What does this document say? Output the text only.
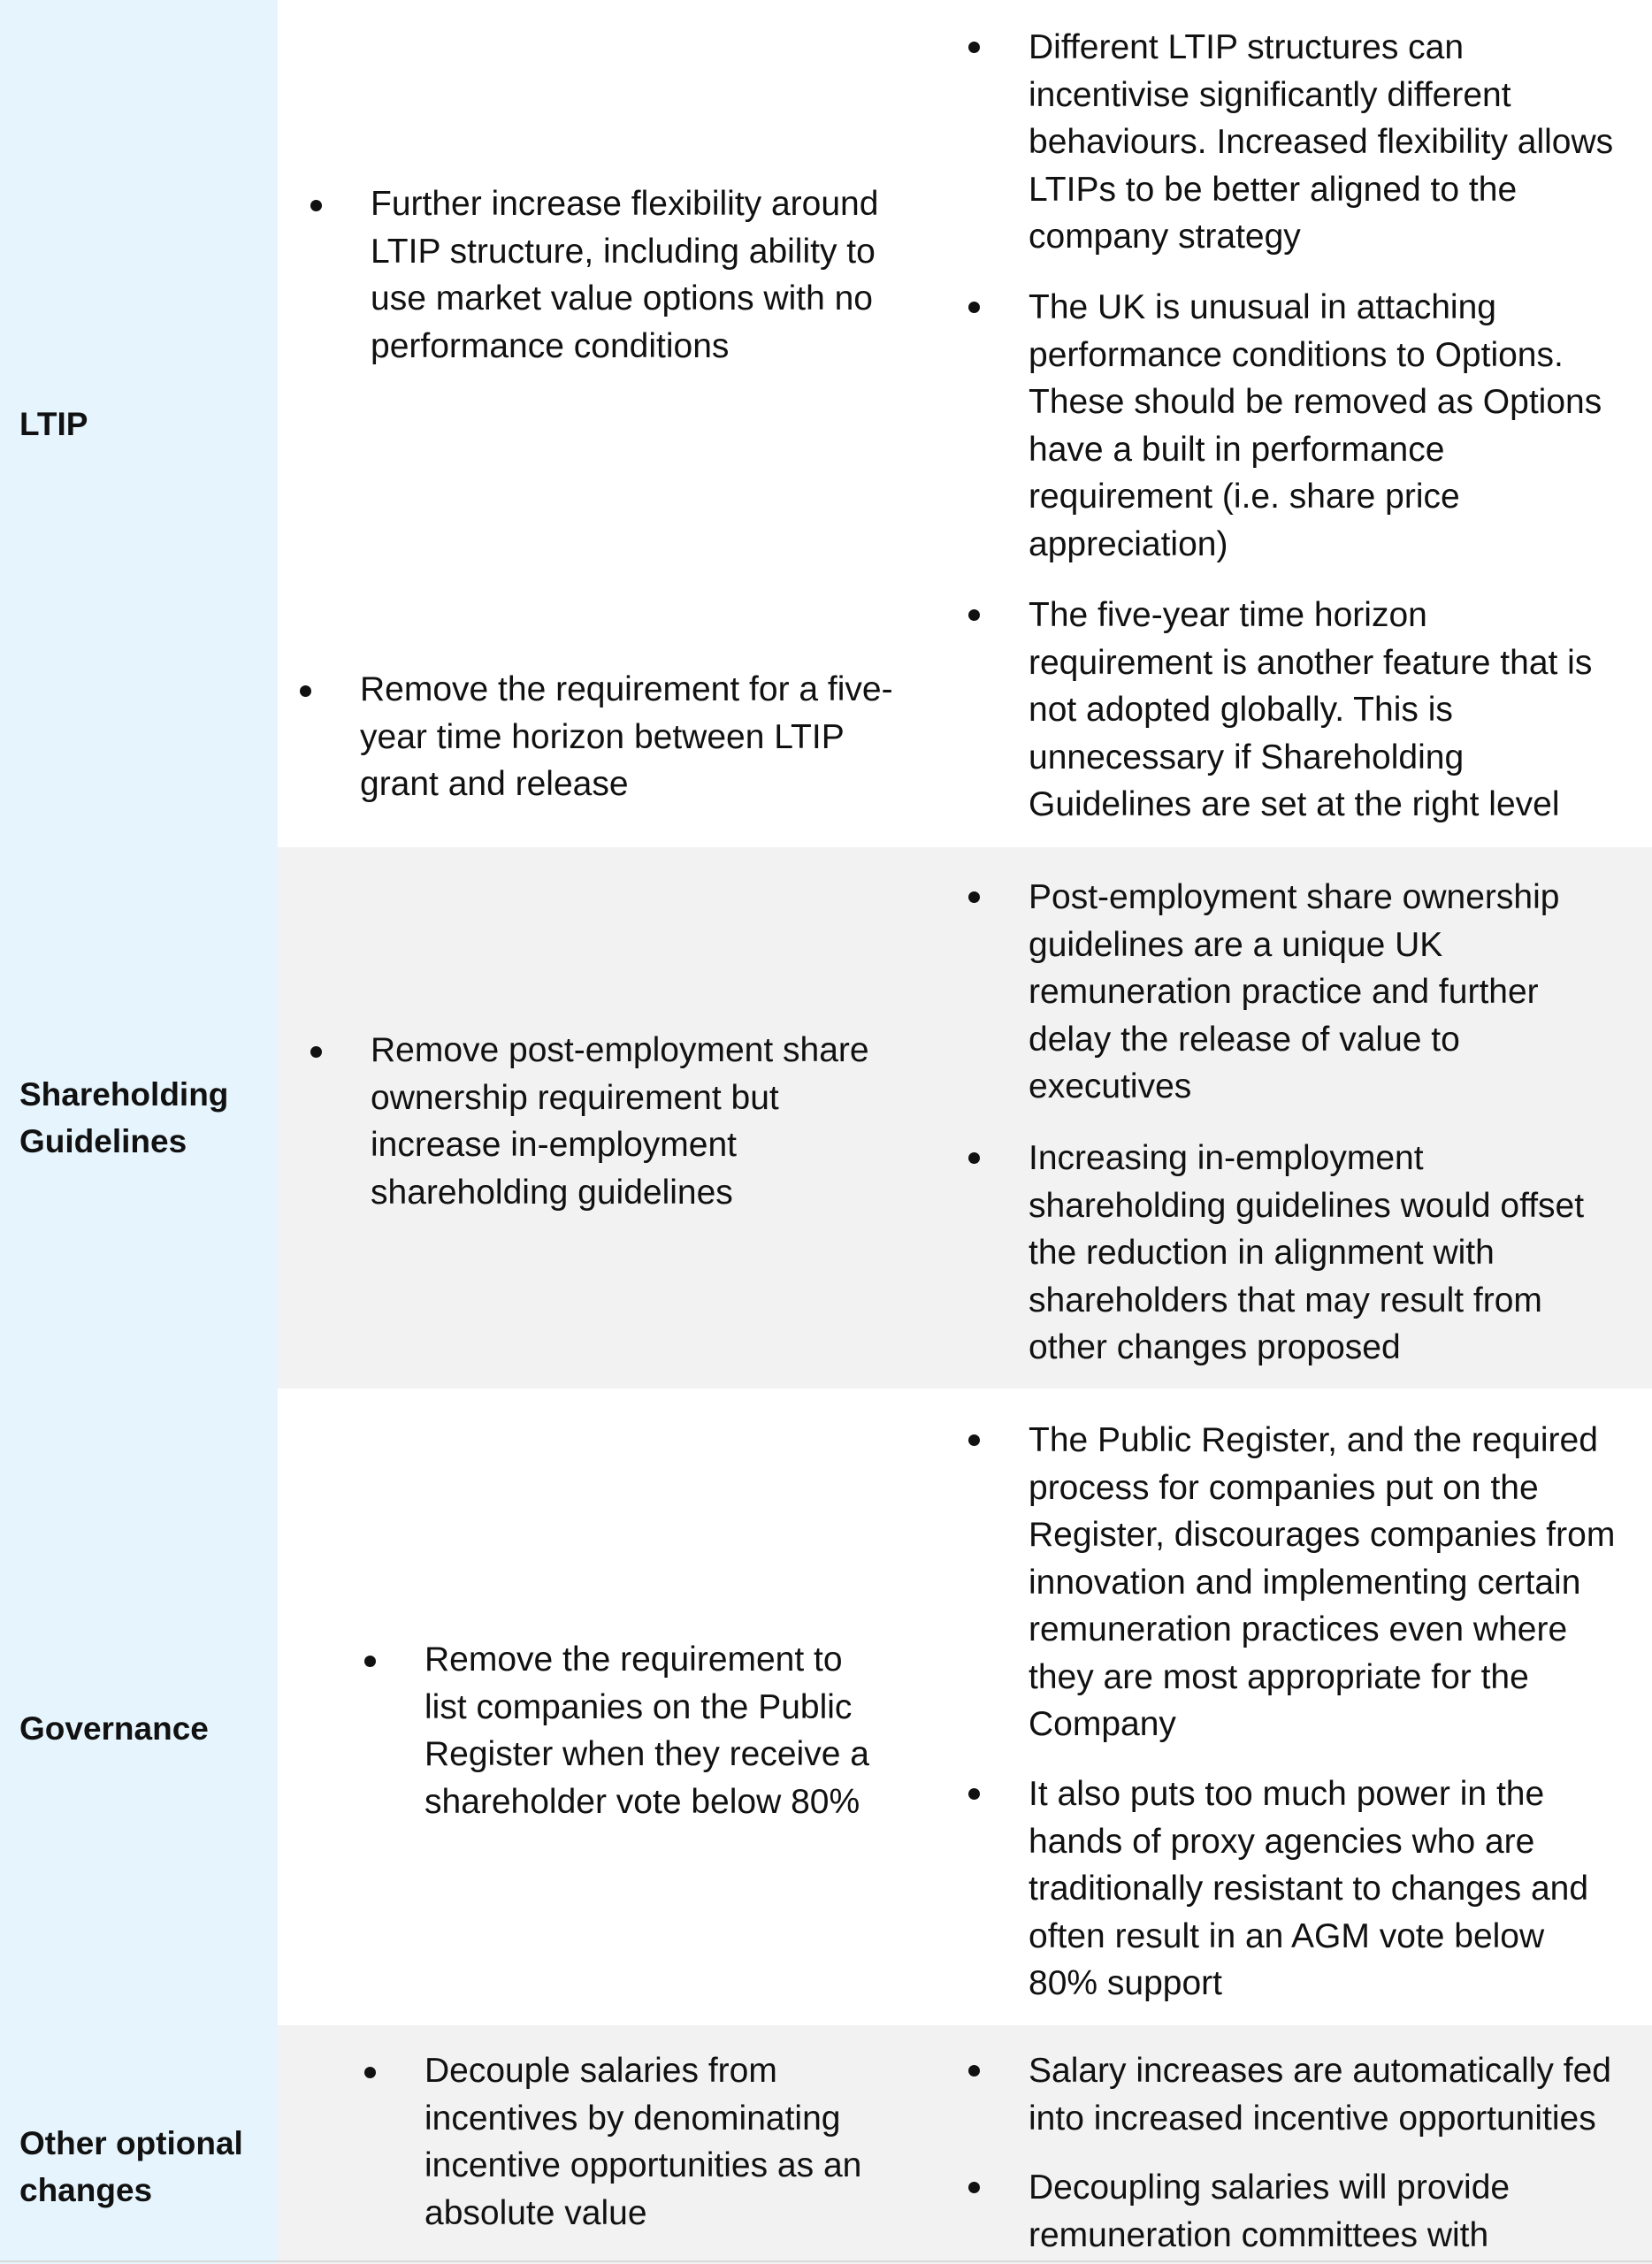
LTIP
Further increase flexibility around
LTIP structure, including ability to
use market value options with no
performance conditions
Remove the requirement for a five-
year time horizon between LTIP
grant and release
Different LTIP structures can
incentivise significantly different
behaviours. Increased flexibility allows
LTIPs to be better aligned to the
company strategy
The UK is unusual in attaching
performance conditions to Options.
These should be removed as Options
have a built in performance
requirement (i.e. share price
appreciation)
The five-year time horizon
requirement is another feature that is
not adopted globally. This is
unnecessary if Shareholding
Guidelines are set at the right level
Shareholding
Guidelines
Remove post-employment share
ownership requirement but
increase in-employment
shareholding guidelines
Post-employment share ownership
guidelines are a unique UK
remuneration practice and further
delay the release of value to
executives
Increasing in-employment
shareholding guidelines would offset
the reduction in alignment with
shareholders that may result from
other changes proposed
Governance
Remove the requirement to
list companies on the Public
Register when they receive a
shareholder vote below 80%
The Public Register, and the required
process for companies put on the
Register, discourages companies from
innovation and implementing certain
remuneration practices even where
they are most appropriate for the
Company
It also puts too much power in the
hands of proxy agencies who are
traditionally resistant to changes and
often result in an AGM vote below
80% support
Other optional
changes
Decouple salaries from
incentives by denominating
incentive opportunities as an
absolute value
Salary increases are automatically fed
into increased incentive opportunities
Decoupling salaries will provide
remuneration committees with
